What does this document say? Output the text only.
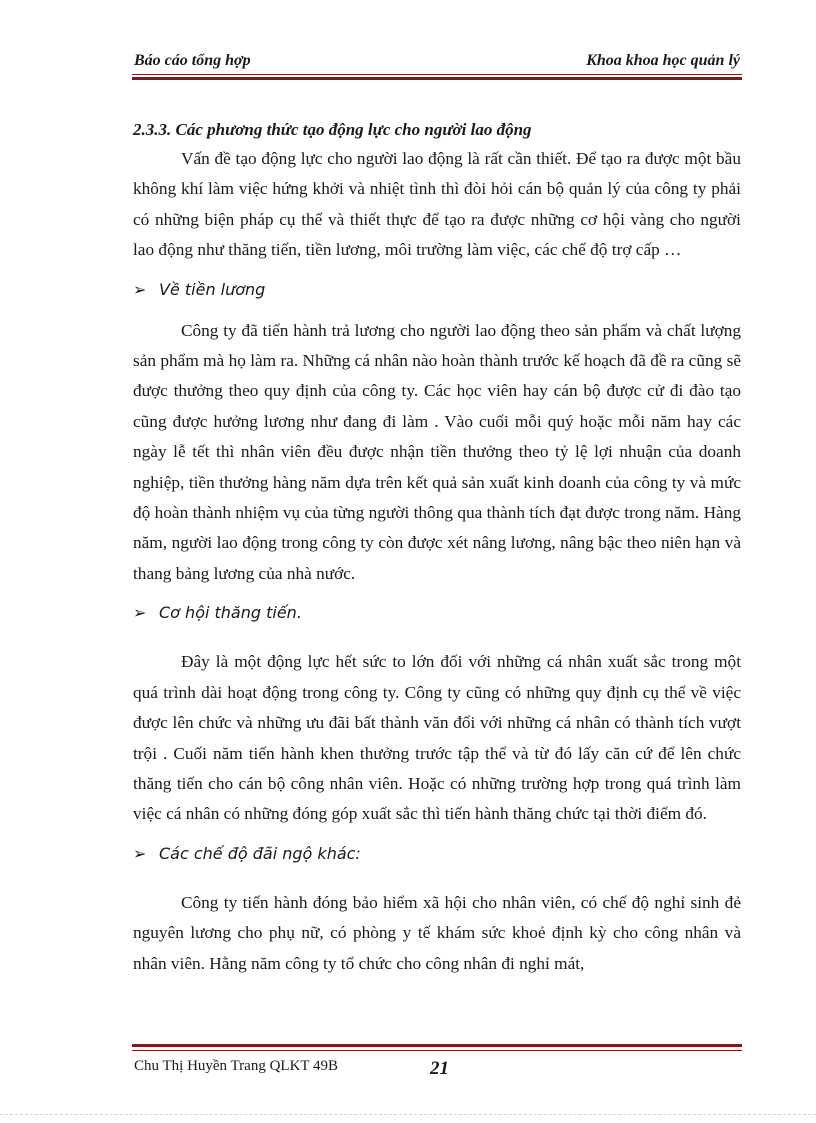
Báo cáo tổng hợp	Khoa khoa học quản lý

2.3.3. Các phương thức tạo động lực cho người lao động

Vấn đề tạo động lực cho người lao động là rất cần thiết. Để tạo ra được một bầu không khí làm việc hứng khởi và nhiệt tình thì đòi hỏi cán bộ quản lý của công ty phải có những biện pháp cụ thể và thiết thực để tạo ra được những cơ hội vàng cho người lao động như thăng tiến, tiền lương, môi trường làm việc, các chế độ trợ cấp …

➢ Về tiền lương

Công ty đã tiến hành trả lương cho người lao động theo sản phẩm và chất lượng sản phẩm mà họ làm ra. Những cá nhân nào hoàn thành trước kế hoạch đã đề ra cũng sẽ được thưởng theo quy định của công ty. Các học viên hay cán bộ được cử đi đào tạo cũng được hưởng lương như đang đi làm . Vào cuối mỗi quý hoặc mỗi năm hay các ngày lễ tết thì nhân viên đều được nhận tiền thưởng theo tỷ lệ lợi nhuận của doanh nghiệp, tiền thưởng hàng năm dựa trên kết quả sản xuất kinh doanh của công ty và mức độ hoàn thành nhiệm vụ của từng người thông qua thành tích đạt được trong năm. Hàng năm, người lao động trong công ty còn được xét nâng lương, nâng bậc theo niên hạn và thang bảng lương của nhà nước.

➢ Cơ hội thăng tiến.

Đây là một động lực hết sức to lớn đối với những cá nhân xuất sắc trong một quá trình dài hoạt động trong công ty. Công ty cũng có những quy định cụ thể về việc được lên chức và những ưu đãi bất thành văn đối với những cá nhân có thành tích vượt trội . Cuối năm tiến hành khen thưởng trước tập thể và từ đó lấy căn cứ để lên chức thăng tiến cho cán bộ công nhân viên. Hoặc có những trường hợp trong quá trình làm việc cá nhân có những đóng góp xuất sắc thì tiến hành thăng chức tại thời điểm đó.

➢ Các chế độ đãi ngộ khác:

Công ty tiến hành đóng bảo hiểm xã hội cho nhân viên, có chế độ nghỉ sinh đẻ nguyên lương cho phụ nữ, có phòng y tế khám sức khoẻ định kỳ cho công nhân và nhân viên. Hằng năm công ty tổ chức cho công nhân đi nghỉ mát,

Chu Thị Huyền Trang QLKT 49B	21
